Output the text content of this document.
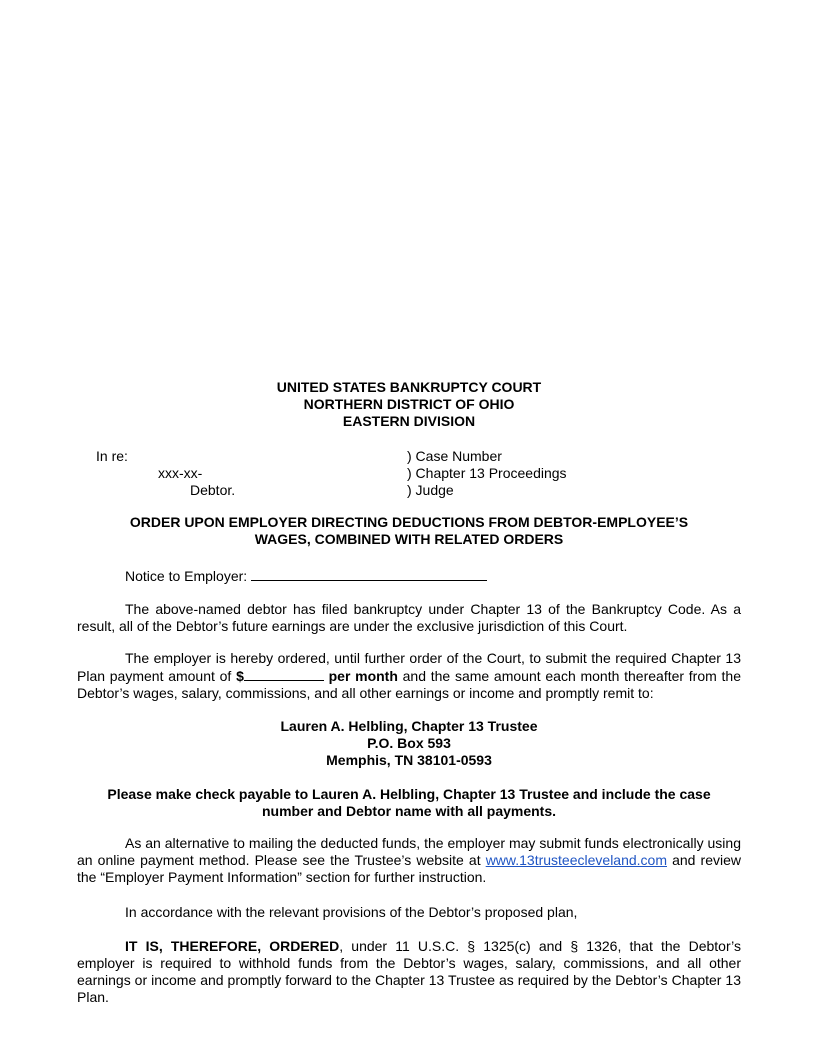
UNITED STATES BANKRUPTCY COURT
NORTHERN DISTRICT OF OHIO
EASTERN DIVISION
In re:	) Case Number
xxx-xx-	) Chapter 13 Proceedings
Debtor.	) Judge
ORDER UPON EMPLOYER DIRECTING DEDUCTIONS FROM DEBTOR-EMPLOYEE’S
WAGES, COMBINED WITH RELATED ORDERS
Notice to Employer:
The above-named debtor has filed bankruptcy under Chapter 13 of the Bankruptcy Code. As a result, all of the Debtor’s future earnings are under the exclusive jurisdiction of this Court.
The employer is hereby ordered, until further order of the Court, to submit the required Chapter 13 Plan payment amount of $	per month and the same amount each month thereafter from the Debtor’s wages, salary, commissions, and all other earnings or income and promptly remit to:
Lauren A. Helbling, Chapter 13 Trustee
P.O. Box 593
Memphis, TN 38101-0593
Please make check payable to Lauren A. Helbling, Chapter 13 Trustee and include the case
number and Debtor name with all payments.
As an alternative to mailing the deducted funds, the employer may submit funds electronically using an online payment method. Please see the Trustee’s website at www.13trusteecleveland.com and review the “Employer Payment Information” section for further instruction.
In accordance with the relevant provisions of the Debtor’s proposed plan,
IT IS, THEREFORE, ORDERED, under 11 U.S.C. § 1325(c) and § 1326, that the Debtor’s employer is required to withhold funds from the Debtor’s wages, salary, commissions, and all other earnings or income and promptly forward to the Chapter 13 Trustee as required by the Debtor’s Chapter 13 Plan.
